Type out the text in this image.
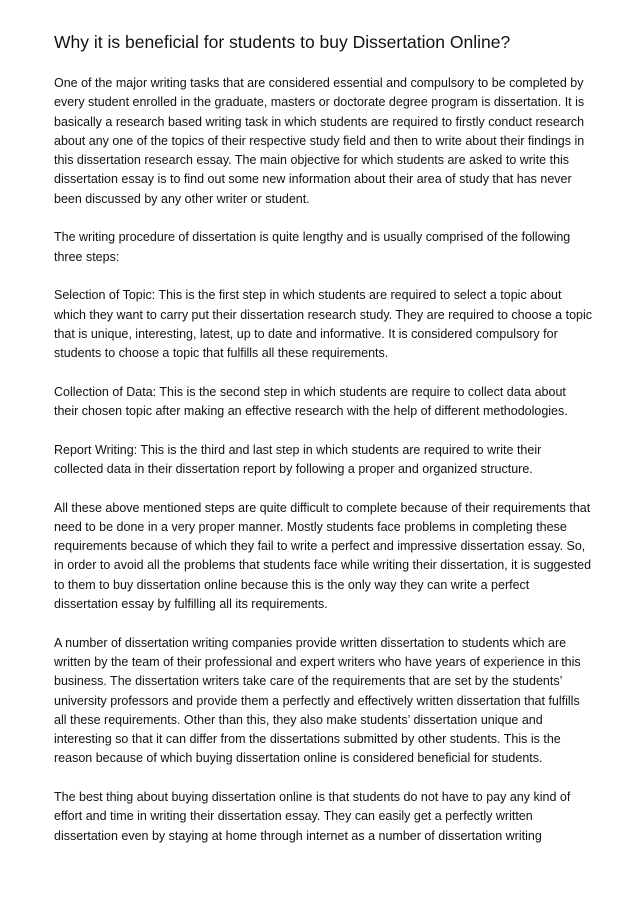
Why it is beneficial for students to buy Dissertation Online?

One of the major writing tasks that are considered essential and compulsory to be completed by every student enrolled in the graduate, masters or doctorate degree program is dissertation. It is basically a research based writing task in which students are required to firstly conduct research about any one of the topics of their respective study field and then to write about their findings in this dissertation research essay. The main objective for which students are asked to write this dissertation essay is to find out some new information about their area of study that has never been discussed by any other writer or student.

The writing procedure of dissertation is quite lengthy and is usually comprised of the following three steps:

Selection of Topic: This is the first step in which students are required to select a topic about which they want to carry put their dissertation research study. They are required to choose a topic that is unique, interesting, latest, up to date and informative. It is considered compulsory for students to choose a topic that fulfills all these requirements.

Collection of Data: This is the second step in which students are require to collect data about their chosen topic after making an effective research with the help of different methodologies.

Report Writing: This is the third and last step in which students are required to write their collected data in their dissertation report by following a proper and organized structure.

All these above mentioned steps are quite difficult to complete because of their requirements that need to be done in a very proper manner. Mostly students face problems in completing these requirements because of which they fail to write a perfect and impressive dissertation essay. So, in order to avoid all the problems that students face while writing their dissertation, it is suggested to them to buy dissertation online because this is the only way they can write a perfect dissertation essay by fulfilling all its requirements.

A number of dissertation writing companies provide written dissertation to students which are written by the team of their professional and expert writers who have years of experience in this business. The dissertation writers take care of the requirements that are set by the students’ university professors and provide them a perfectly and effectively written dissertation that fulfills all these requirements. Other than this, they also make students’ dissertation unique and interesting so that it can differ from the dissertations submitted by other students. This is the reason because of which buying dissertation online is considered beneficial for students.

The best thing about buying dissertation online is that students do not have to pay any kind of effort and time in writing their dissertation essay. They can easily get a perfectly written dissertation even by staying at home through internet as a number of dissertation writing
